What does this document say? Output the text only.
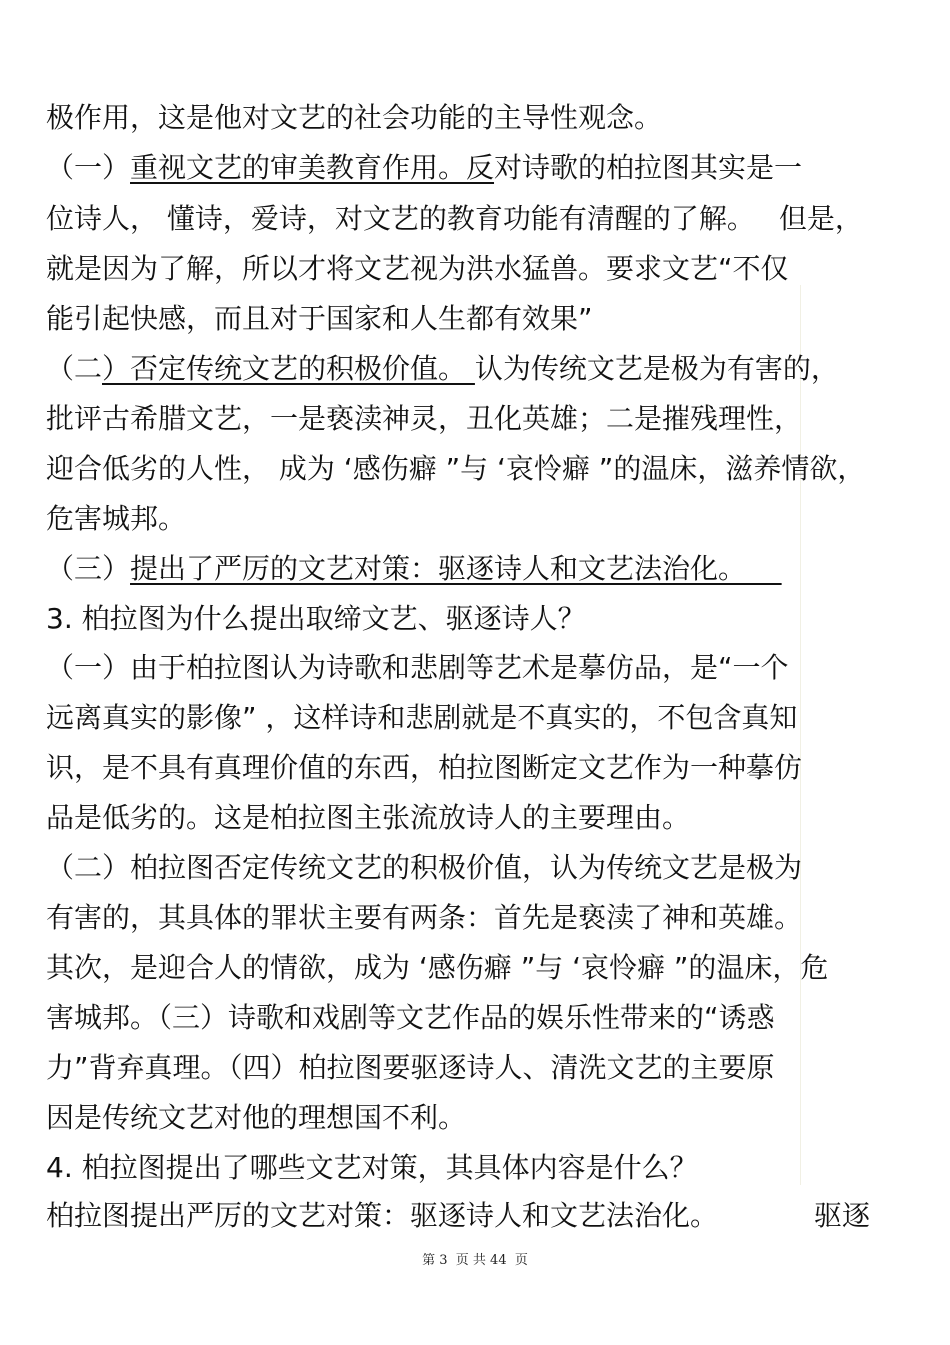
极作用，这是他对文艺的社会功能的主导性观念。
（一）重视文艺的审美教育作用。反对诗歌的柏拉图其实是一
位诗人， 懂诗，爱诗，对文艺的教育功能有清醒的了解。 但是，
就是因为了解，所以才将文艺视为洪水猛兽。要求文艺“不仅
能引起快感，而且对于国家和人生都有效果”
（二）否定传统文艺的积极价值。 认为传统文艺是极为有害的，
批评古希腊文艺，一是亵渎神灵，丑化英雄；二是摧残理性，
迎合低劣的人性， 成为 ‘感伤癖 ”与 ‘哀怜癖 ”的温床，滋养情欲，
危害城邦。
（三）提出了严厉的文艺对策：驱逐诗人和文艺法治化。
3. 柏拉图为什么提出取缔文艺、驱逐诗人？
（一）由于柏拉图认为诗歌和悲剧等艺术是摹仿品，是“一个
远离真实的影像” ，这样诗和悲剧就是不真实的，不包含真知
识，是不具有真理价值的东西，柏拉图断定文艺作为一种摹仿
品是低劣的。这是柏拉图主张流放诗人的主要理由。
（二）柏拉图否定传统文艺的积极价值，认为传统文艺是极为
有害的，其具体的罪状主要有两条：首先是亵渎了神和英雄。
其次，是迎合人的情欲，成为 ‘感伤癖 ”与 ‘哀怜癖 ”的温床，危
害城邦。（三）诗歌和戏剧等文艺作品的娱乐性带来的“诱惑
力”背弃真理。（四）柏拉图要驱逐诗人、清洗文艺的主要原
因是传统文艺对他的理想国不利。
4. 柏拉图提出了哪些文艺对策，其具体内容是什么？
柏拉图提出严厉的文艺对策：驱逐诗人和文艺法治化。	驱逐
第 3  页 共 44  页
